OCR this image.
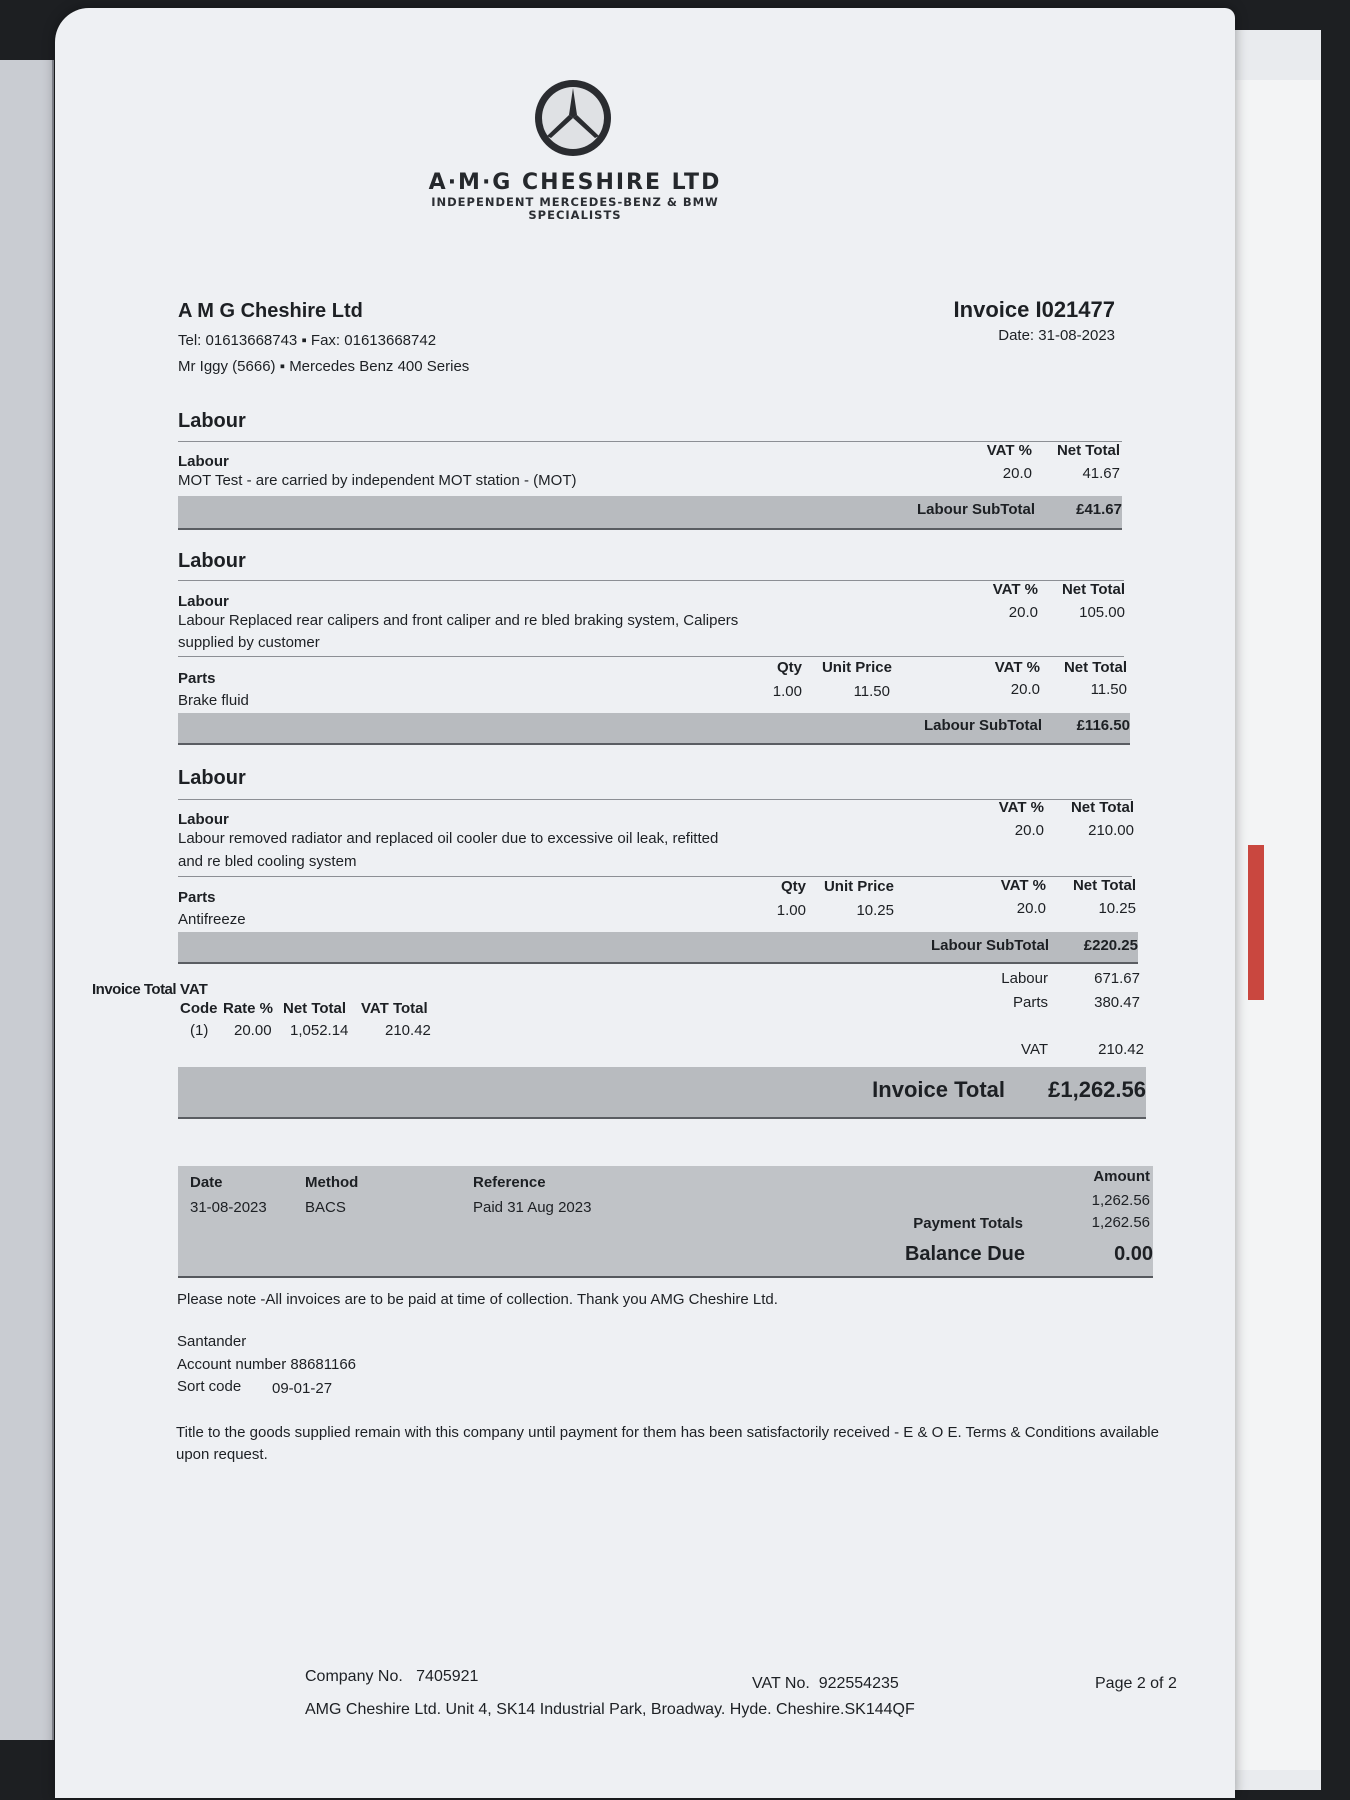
A·M·G CHESHIRE LTD
INDEPENDENT MERCEDES-BENZ & BMW
SPECIALISTS
A M G Cheshire Ltd
Tel: 01613668743 ▪ Fax: 01613668742
Mr Iggy (5666) ▪ Mercedes Benz 400 Series
Invoice I021477
Date: 31-08-2023
Labour
Labour
MOT Test - are carried by independent MOT station - (MOT)
VAT %	Net Total
20.0	41.67
Labour SubTotal	£41.67
Labour
Labour
Labour Replaced rear calipers and front caliper and re bled braking system, Calipers
supplied by customer
VAT %	Net Total
20.0	105.00
Parts
Brake fluid
Qty	Unit Price	VAT %	Net Total
1.00	11.50	20.0	11.50
Labour SubTotal	£116.50
Labour
Labour
Labour removed radiator and replaced oil cooler due to excessive oil leak, refitted
and re bled cooling system
VAT %	Net Total
20.0	210.00
Parts
Antifreeze
Qty	Unit Price	VAT %	Net Total
1.00	10.25	20.0	10.25
Labour SubTotal	£220.25
Invoice Total VAT
Code Rate % Net Total VAT Total
(1) 20.00 1,052.14 210.42
Labour	671.67
Parts	380.47
VAT	210.42
Invoice Total	£1,262.56
Date	Method	Reference	Amount
31-08-2023	BACS	Paid 31 Aug 2023	1,262.56
Payment Totals	1,262.56
Balance Due	0.00
Please note -All invoices are to be paid at time of collection. Thank you AMG Cheshire Ltd.
Santander
Account number 88681166
Sort code 09-01-27
Title to the goods supplied remain with this company until payment for them has been satisfactorily received - E & O E. Terms & Conditions available
upon request.
Company No.   7405921	VAT No.  922554235	Page 2 of 2
AMG Cheshire Ltd. Unit 4, SK14 Industrial Park, Broadway. Hyde. Cheshire.SK144QF
